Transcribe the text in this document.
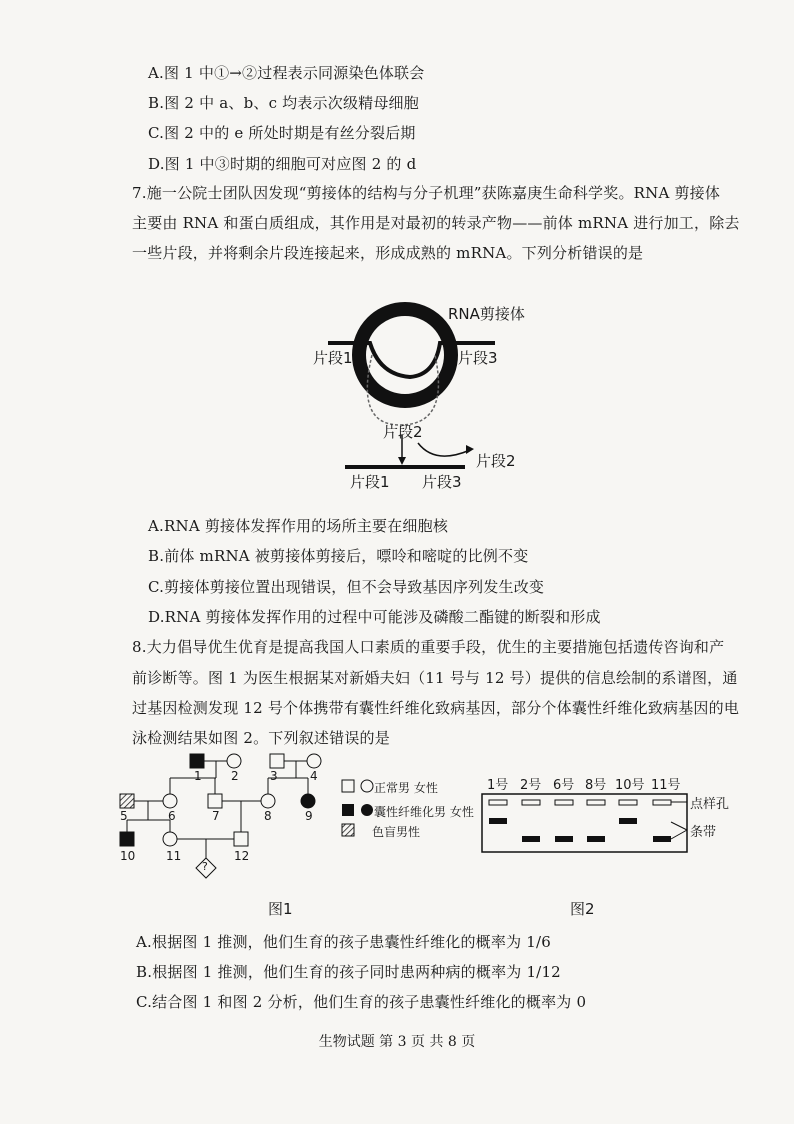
A.图 1 中①→②过程表示同源染色体联会
B.图 2 中 a、b、c 均表示次级精母细胞
C.图 2 中的 e 所处时期是有丝分裂后期
D.图 1 中③时期的细胞可对应图 2 的 d
7.施一公院士团队因发现“剪接体的结构与分子机理”获陈嘉庚生命科学奖。RNA 剪接体
主要由 RNA 和蛋白质组成，其作用是对最初的转录产物——前体 mRNA 进行加工，除去
一些片段，并将剩余片段连接起来，形成成熟的 mRNA。下列分析错误的是
RNA剪接体
片段1	片段3
片段2
片段2
片段1 片段3
A.RNA 剪接体发挥作用的场所主要在细胞核
B.前体 mRNA 被剪接体剪接后，嘌呤和嘧啶的比例不变
C.剪接体剪接位置出现错误，但不会导致基因序列发生改变
D.RNA 剪接体发挥作用的过程中可能涉及磷酸二酯键的断裂和形成
8.大力倡导优生优育是提高我国人口素质的重要手段，优生的主要措施包括遗传咨询和产
前诊断等。图 1 为医生根据某对新婚夫妇（11 号与 12 号）提供的信息绘制的系谱图，通
过基因检测发现 12 号个体携带有囊性纤维化致病基因，部分个体囊性纤维化致病基因的电
泳检测结果如图 2。下列叙述错误的是
1 2	3	4
5	6	7	8	9
10	11	12
?
正常男 女性
囊性纤维化男 女性
色盲男性
图1
1号 2号 6号 8号 10号 11号
点样孔
条带
图2
A.根据图 1 推测，他们生育的孩子患囊性纤维化的概率为 1/6
B.根据图 1 推测，他们生育的孩子同时患两种病的概率为 1/12
C.结合图 1 和图 2 分析，他们生育的孩子患囊性纤维化的概率为 0
生物试题 第 3 页 共 8 页
